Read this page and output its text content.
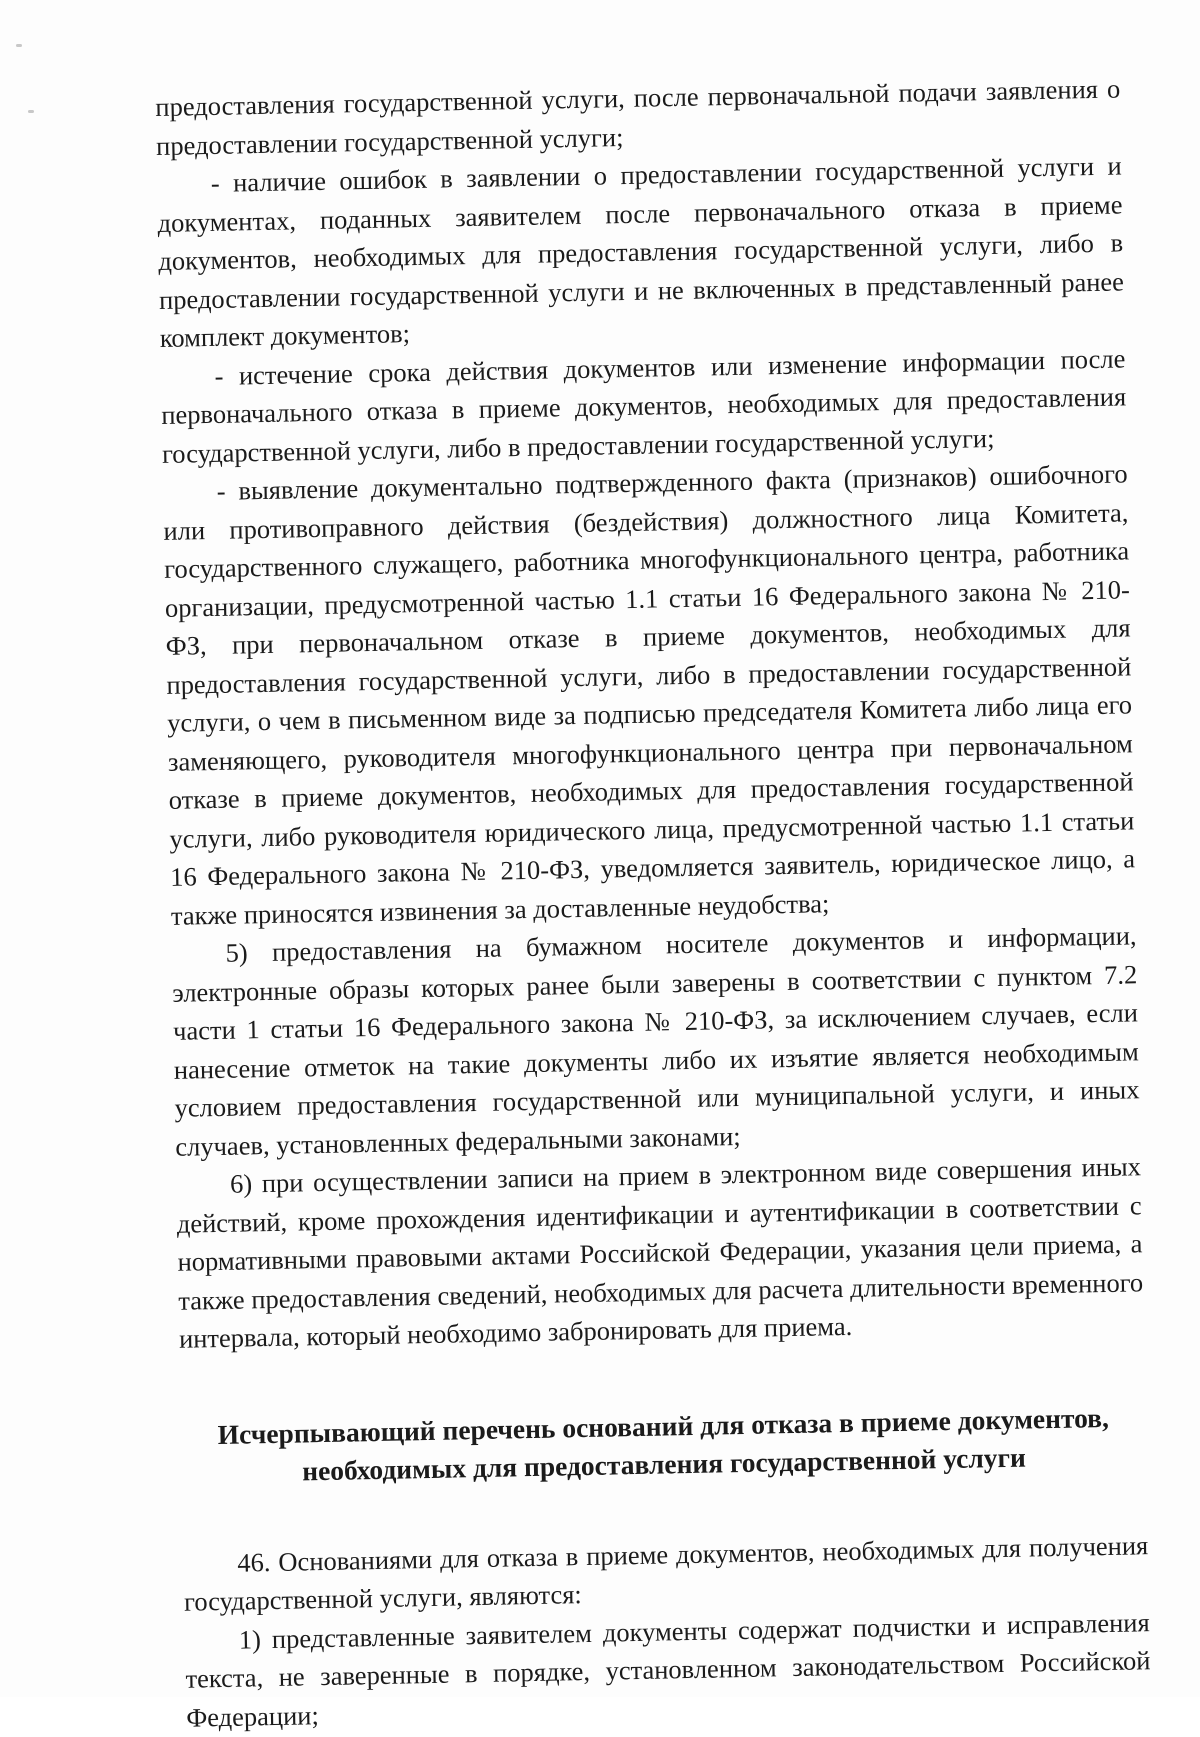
предоставления государственной услуги, после первоначальной подачи заявления о предоставлении государственной услуги;

- наличие ошибок в заявлении о предоставлении государственной услуги и документах, поданных заявителем после первоначального отказа в приеме документов, необходимых для предоставления государственной услуги, либо в предоставлении государственной услуги и не включенных в представленный ранее комплект документов;

- истечение срока действия документов или изменение информации после первоначального отказа в приеме документов, необходимых для предоставления государственной услуги, либо в предоставлении государственной услуги;

- выявление документально подтвержденного факта (признаков) ошибочного или противоправного действия (бездействия) должностного лица Комитета, государственного служащего, работника многофункционального центра, работника организации, предусмотренной частью 1.1 статьи 16 Федерального закона № 210-ФЗ, при первоначальном отказе в приеме документов, необходимых для предоставления государственной услуги, либо в предоставлении государственной услуги, о чем в письменном виде за подписью председателя Комитета либо лица его заменяющего, руководителя многофункционального центра при первоначальном отказе в приеме документов, необходимых для предоставления государственной услуги, либо руководителя юридического лица, предусмотренной частью 1.1 статьи 16 Федерального закона № 210-ФЗ, уведомляется заявитель, юридическое лицо, а также приносятся извинения за доставленные неудобства;

5) предоставления на бумажном носителе документов и информации, электронные образы которых ранее были заверены в соответствии с пунктом 7.2 части 1 статьи 16 Федерального закона № 210-ФЗ, за исключением случаев, если нанесение отметок на такие документы либо их изъятие является необходимым условием предоставления государственной или муниципальной услуги, и иных случаев, установленных федеральными законами;

6) при осуществлении записи на прием в электронном виде совершения иных действий, кроме прохождения идентификации и аутентификации в соответствии с нормативными правовыми актами Российской Федерации, указания цели приема, а также предоставления сведений, необходимых для расчета длительности временного интервала, который необходимо забронировать для приема.

Исчерпывающий перечень оснований для отказа в приеме документов, необходимых для предоставления государственной услуги

46. Основаниями для отказа в приеме документов, необходимых для получения государственной услуги, являются:

1) представленные заявителем документы содержат подчистки и исправления текста, не заверенные в порядке, установленном законодательством Российской Федерации;
